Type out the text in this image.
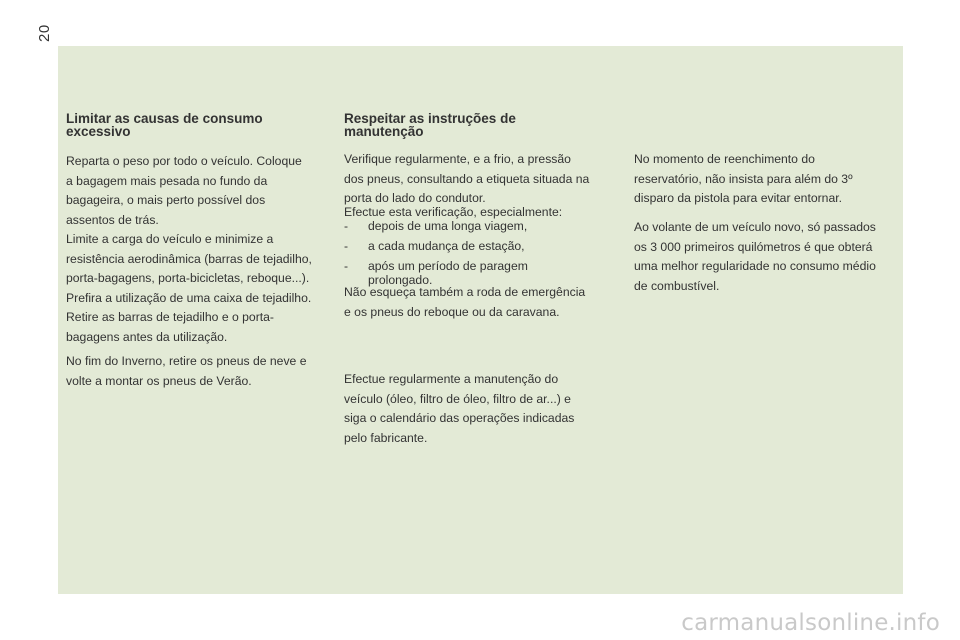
20
Limitar as causas de consumo
excessivo
Reparta o peso por todo o veículo. Coloque
a bagagem mais pesada no fundo da
bagageira, o mais perto possível dos
assentos de trás.
Limite a carga do veículo e minimize a
resistência aerodinâmica (barras de tejadilho,
porta-bagagens, porta-bicicletas, reboque...).
Prefira a utilização de uma caixa de tejadilho.
Retire as barras de tejadilho e o porta-
bagagens antes da utilização.
No fim do Inverno, retire os pneus de neve e
volte a montar os pneus de Verão.
Respeitar as instruções de
manutenção
Verifique regularmente, e a frio, a pressão
dos pneus, consultando a etiqueta situada na
porta do lado do condutor.
Efectue esta verificação, especialmente:
-	depois de uma longa viagem,
-	a cada mudança de estação,
-	após um período de paragem
prolongado.
Não esqueça também a roda de emergência
e os pneus do reboque ou da caravana.
Efectue regularmente a manutenção do
veículo (óleo, filtro de óleo, filtro de ar...) e
siga o calendário das operações indicadas
pelo fabricante.
No momento de reenchimento do
reservatório, não insista para além do 3º
disparo da pistola para evitar entornar.
Ao volante de um veículo novo, só passados
os 3 000 primeiros quilómetros é que obterá
uma melhor regularidade no consumo médio
de combustível.
carmanualsonline.info
